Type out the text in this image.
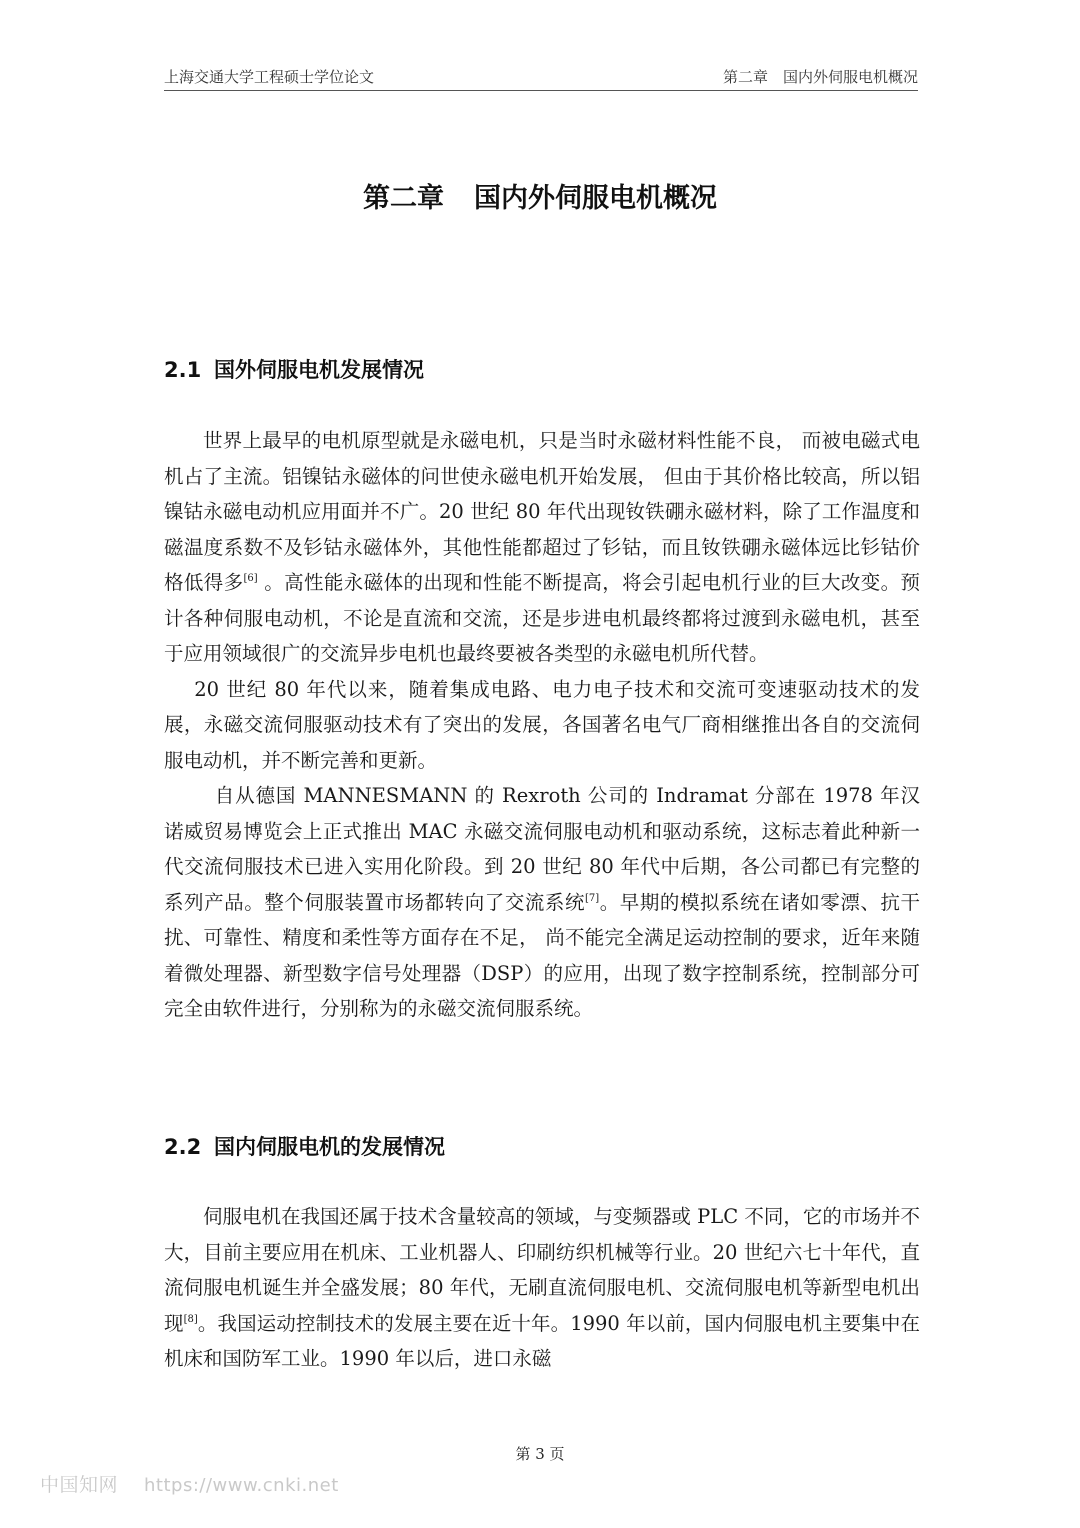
上海交通大学工程硕士学位论文	第二章　国内外伺服电机概况
第二章 国内外伺服电机概况
2.1 国外伺服电机发展情况

世界上最早的电机原型就是永磁电机，只是当时永磁材料性能不良， 而被电磁式电机占了主流。铝镍钴永磁体的问世使永磁电机开始发展， 但由于其价格比较高，所以铝镍钴永磁电动机应用面并不广。20 世纪 80 年代出现钕铁硼永磁材料，除了工作温度和磁温度系数不及钐钴永磁体外，其他性能都超过了钐钴，而且钕铁硼永磁体远比钐钴价格低得多[6] 。高性能永磁体的出现和性能不断提高，将会引起电机行业的巨大改变。预计各种伺服电动机，不论是直流和交流，还是步进电机最终都将过渡到永磁电机，甚至于应用领域很广的交流异步电机也最终要被各类型的永磁电机所代替。

20 世纪 80 年代以来，随着集成电路、电力电子技术和交流可变速驱动技术的发展，永磁交流伺服驱动技术有了突出的发展，各国著名电气厂商相继推出各自的交流伺服电动机，并不断完善和更新。

自从德国 MANNESMANN 的 Rexroth 公司的 Indramat 分部在 1978 年汉诺威贸易博览会上正式推出 MAC 永磁交流伺服电动机和驱动系统，这标志着此种新一代交流伺服技术已进入实用化阶段。到 20 世纪 80 年代中后期，各公司都已有完整的系列产品。整个伺服装置市场都转向了交流系统[7]。早期的模拟系统在诸如零漂、抗干扰、可靠性、精度和柔性等方面存在不足， 尚不能完全满足运动控制的要求，近年来随着微处理器、新型数字信号处理器（DSP）的应用，出现了数字控制系统，控制部分可完全由软件进行，分别称为的永磁交流伺服系统。

2.2 国内伺服电机的发展情况

伺服电机在我国还属于技术含量较高的领域，与变频器或 PLC 不同，它的市场并不大，目前主要应用在机床、工业机器人、印刷纺织机械等行业。20 世纪六七十年代，直流伺服电机诞生并全盛发展；80 年代，无刷直流伺服电机、交流伺服电机等新型电机出现[8]。我国运动控制技术的发展主要在近十年。1990 年以前，国内伺服电机主要集中在机床和国防军工业。1990 年以后，进口永磁

第 3 页
中国知网 https://www.cnki.net
